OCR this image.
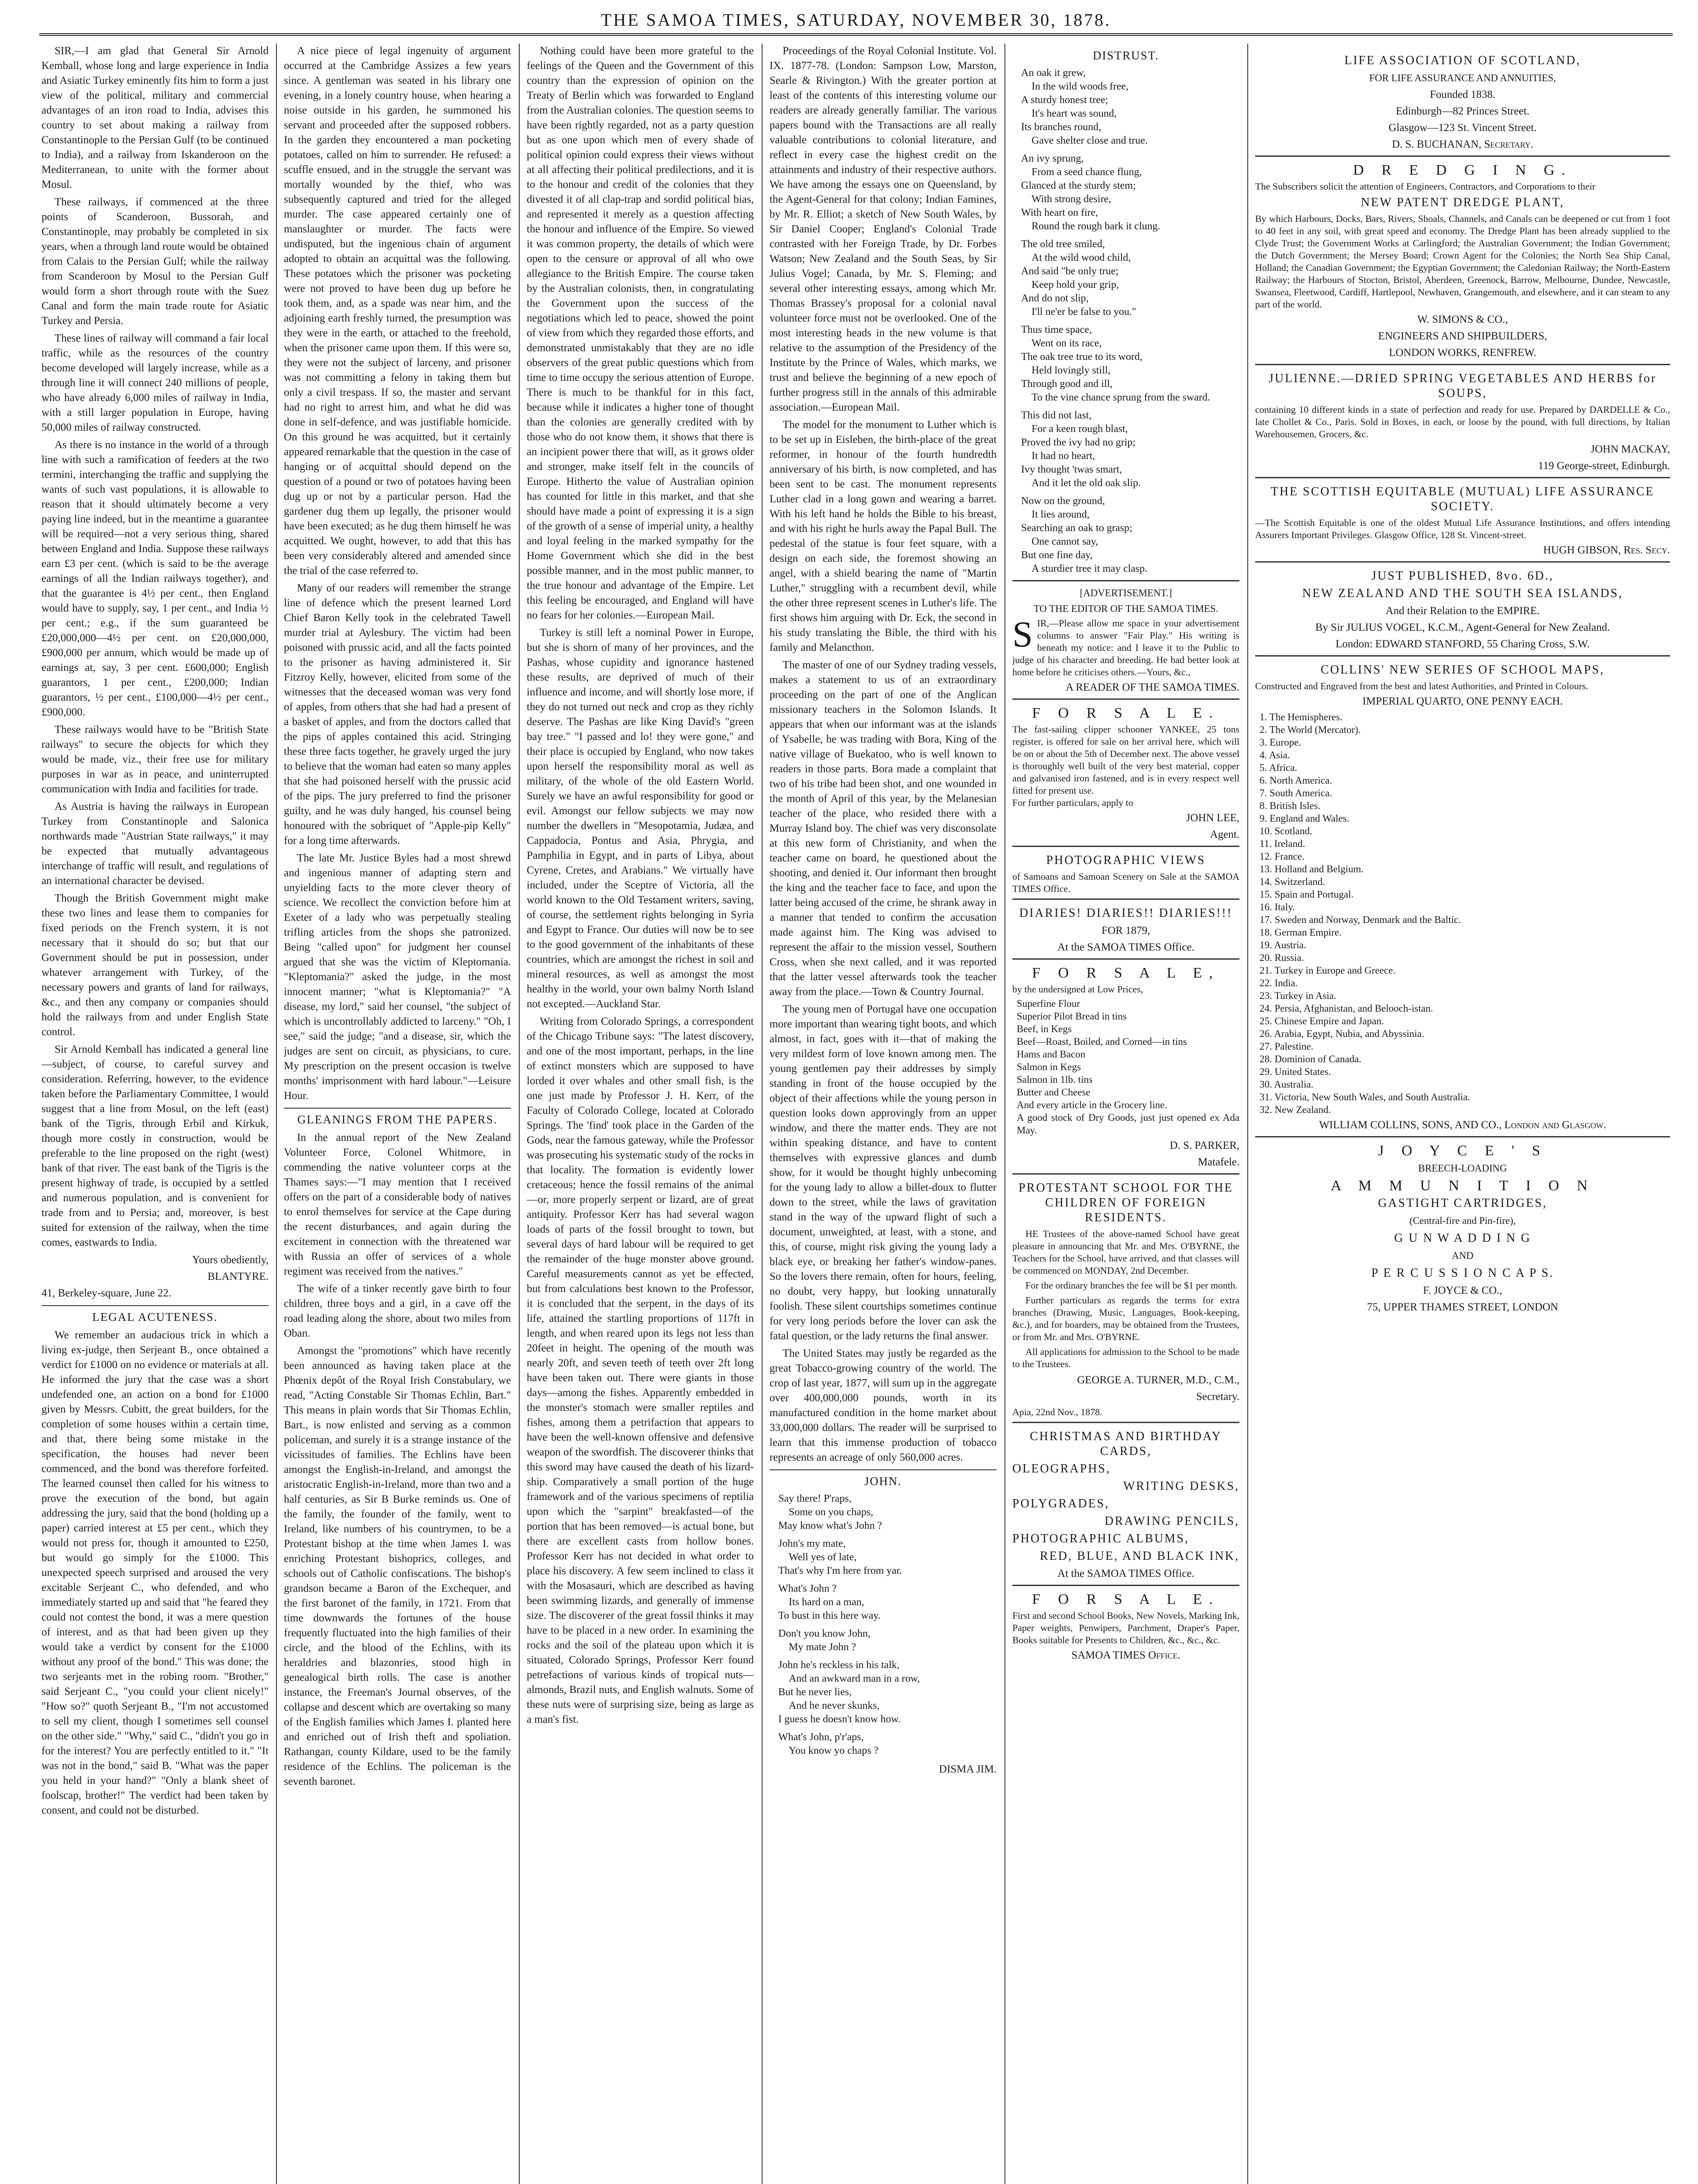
THE SAMOA TIMES, SATURDAY, NOVEMBER 30, 1878.

SIR,—I am glad that General Sir Arnold Kemball, whose long and large experience in India and Asiatic Turkey eminently fits him to form a just view of the political, military and commercial advantages of an iron road to India, advises this country to set about making a railway from Constantinople to the Persian Gulf (to be continued to India), and a railway from Iskanderoon on the Mediterranean, to unite with the former about Mosul.

These railways, if commenced at the three points of Scanderoon, Bussorah, and Constantinople, may probably be completed in six years, when a through land route would be obtained from Calais to the Persian Gulf; while the railway from Scanderoon by Mosul to the Persian Gulf would form a short through route with the Suez Canal and form the main trade route for Asiatic Turkey and Persia.

These lines of railway will command a fair local traffic, while as the resources of the country become developed will largely increase, while as a through line it will connect 240 millions of people, who have already 6,000 miles of railway in India, with a still larger population in Europe, having 50,000 miles of railway constructed.

As there is no instance in the world of a through line with such a ramification of feeders at the two termini, interchanging the traffic and supplying the wants of such vast populations, it is allowable to reason that it should ultimately become a very paying line indeed, but in the meantime a guarantee will be required—not a very serious thing, shared between England and India. Suppose these railways earn £3 per cent. (which is said to be the average earnings of all the Indian railways together), and that the guarantee is 4½ per cent., then England would have to supply, say, 1 per cent., and India ½ per cent.; e.g., if the sum guaranteed be £20,000,000—4½ per cent. on £20,000,000, £900,000 per annum, which would be made up of earnings at, say, 3 per cent. £600,000; English guarantors, 1 per cent., £200,000; Indian guarantors, ½ per cent., £100,000—4½ per cent., £900,000.

These railways would have to be "British State railways" to secure the objects for which they would be made, viz., their free use for military purposes in war as in peace, and uninterrupted communication with India and facilities for trade.

As Austria is having the railways in European Turkey from Constantinople and Salonica northwards made "Austrian State railways," it may be expected that mutually advantageous interchange of traffic will result, and regulations of an international character be devised.

Though the British Government might make these two lines and lease them to companies for fixed periods on the French system, it is not necessary that it should do so; but that our Government should be put in possession, under whatever arrangement with Turkey, of the necessary powers and grants of land for railways, &c., and then any company or companies should hold the railways from and under English State control.

Sir Arnold Kemball has indicated a general line—subject, of course, to careful survey and consideration. Referring, however, to the evidence taken before the Parliamentary Committee, I would suggest that a line from Mosul, on the left (east) bank of the Tigris, through Erbil and Kirkuk, though more costly in construction, would be preferable to the line proposed on the right (west) bank of that river. The east bank of the Tigris is the present highway of trade, is occupied by a settled and numerous population, and is convenient for trade from and to Persia; and, moreover, is best suited for extension of the railway, when the time comes, eastwards to India.

Yours obediently,
BLANTYRE.
41, Berkeley-square, June 22.
LEGAL ACUTENESS.

We remember an audacious trick in which a living ex-judge, then Serjeant B., once obtained a verdict for £1000 on no evidence or materials at all. He informed the jury that the case was a short undefended one, an action on a bond for £1000 given by Messrs. Cubitt, the great builders, for the completion of some houses within a certain time, and that, there being some mistake in the specification, the houses had never been commenced, and the bond was therefore forfeited. The learned counsel then called for his witness to prove the execution of the bond, but again addressing the jury, said that the bond (holding up a paper) carried interest at £5 per cent., which they would not press for, though it amounted to £250, but would go simply for the £1000. This unexpected speech surprised and aroused the very excitable Serjeant C., who defended, and who immediately started up and said that "he feared they could not contest the bond, it was a mere question of interest, and as that had been given up they would take a verdict by consent for the £1000 without any proof of the bond." This was done; the two serjeants met in the robing room. "Brother," said Serjeant C., "you could your client nicely!" "How so?" quoth Serjeant B., "I'm not accustomed to sell my client, though I sometimes sell counsel on the other side." "Why," said C., "didn't you go in for the interest? You are perfectly entitled to it." "It was not in the bond," said B. "What was the paper you held in your hand?" "Only a blank sheet of foolscap, brother!" The verdict had been taken by consent, and could not be disturbed.

A nice piece of legal ingenuity of argument occurred at the Cambridge Assizes a few years since. A gentleman was seated in his library one evening, in a lonely country house, when hearing a noise outside in his garden, he summoned his servant and proceeded after the supposed robbers. In the garden they encountered a man pocketing potatoes, called on him to surrender. He refused: a scuffle ensued, and in the struggle the servant was mortally wounded by the thief, who was subsequently captured and tried for the alleged murder. The case appeared certainly one of manslaughter or murder. The facts were undisputed, but the ingenious chain of argument adopted to obtain an acquittal was the following. These potatoes which the prisoner was pocketing were not proved to have been dug up before he took them, and, as a spade was near him, and the adjoining earth freshly turned, the presumption was they were in the earth, or attached to the freehold, when the prisoner came upon them. If this were so, they were not the subject of larceny, and prisoner was not committing a felony in taking them but only a civil trespass. If so, the master and servant had no right to arrest him, and what he did was done in self-defence, and was justifiable homicide. On this ground he was acquitted, but it certainly appeared remarkable that the question in the case of hanging or of acquittal should depend on the question of a pound or two of potatoes having been dug up or not by a particular person. Had the gardener dug them up legally, the prisoner would have been executed; as he dug them himself he was acquitted. We ought, however, to add that this has been very considerably altered and amended since the trial of the case referred to.

Many of our readers will remember the strange line of defence which the present learned Lord Chief Baron Kelly took in the celebrated Tawell murder trial at Aylesbury. The victim had been poisoned with prussic acid, and all the facts pointed to the prisoner as having administered it. Sir Fitzroy Kelly, however, elicited from some of the witnesses that the deceased woman was very fond of apples, from others that she had had a present of a basket of apples, and from the doctors called that the pips of apples contained this acid. Stringing these three facts together, he gravely urged the jury to believe that the woman had eaten so many apples that she had poisoned herself with the prussic acid of the pips. The jury preferred to find the prisoner guilty, and he was duly hanged, his counsel being honoured with the sobriquet of "Apple-pip Kelly" for a long time afterwards.

The late Mr. Justice Byles had a most shrewd and ingenious manner of adapting stern and unyielding facts to the more clever theory of science. We recollect the conviction before him at Exeter of a lady who was perpetually stealing trifling articles from the shops she patronized. Being "called upon" for judgment her counsel argued that she was the victim of Kleptomania. "Kleptomania?" asked the judge, in the most innocent manner; "what is Kleptomania?" "A disease, my lord," said her counsel, "the subject of which is uncontrollably addicted to larceny." "Oh, I see," said the judge; "and a disease, sir, which the judges are sent on circuit, as physicians, to cure. My prescription on the present occasion is twelve months' imprisonment with hard labour."—Leisure Hour.

GLEANINGS FROM THE PAPERS.

In the annual report of the New Zealand Volunteer Force, Colonel Whitmore, in commending the native volunteer corps at the Thames says:—"I may mention that I received offers on the part of a considerable body of natives to enrol themselves for service at the Cape during the recent disturbances, and again during the excitement in connection with the threatened war with Russia an offer of services of a whole regiment was received from the natives."

The wife of a tinker recently gave birth to four children, three boys and a girl, in a cave off the road leading along the shore, about two miles from Oban.

Amongst the "promotions" which have recently been announced as having taken place at the Phœnix depôt of the Royal Irish Constabulary, we read, "Acting Constable Sir Thomas Echlin, Bart." This means in plain words that Sir Thomas Echlin, Bart., is now enlisted and serving as a common policeman, and surely it is a strange instance of the vicissitudes of families. The Echlins have been amongst the English-in-Ireland, and amongst the aristocratic English-in-Ireland, more than two and a half centuries, as Sir B Burke reminds us. One of the family, the founder of the family, went to Ireland, like numbers of his countrymen, to be a Protestant bishop at the time when James I. was enriching Protestant bishoprics, colleges, and schools out of Catholic confiscations. The bishop's grandson became a Baron of the Exchequer, and the first baronet of the family, in 1721. From that time downwards the fortunes of the house frequently fluctuated into the high families of their circle, and the blood of the Echlins, with its heraldries and blazonries, stood high in genealogical birth rolls. The case is another instance, the Freeman's Journal observes, of the collapse and descent which are overtaking so many of the English families which James I. planted here and enriched out of Irish theft and spoliation. Rathangan, county Kildare, used to be the family residence of the Echlins. The policeman is the seventh baronet.

Nothing could have been more grateful to the feelings of the Queen and the Government of this country than the expression of opinion on the Treaty of Berlin which was forwarded to England from the Australian colonies. The question seems to have been rightly regarded, not as a party question but as one upon which men of every shade of political opinion could express their views without at all affecting their political predilections, and it is to the honour and credit of the colonies that they divested it of all clap-trap and sordid political bias, and represented it merely as a question affecting the honour and influence of the Empire. So viewed it was common property, the details of which were open to the censure or approval of all who owe allegiance to the British Empire. The course taken by the Australian colonists, then, in congratulating the Government upon the success of the negotiations which led to peace, showed the point of view from which they regarded those efforts, and demonstrated unmistakably that they are no idle observers of the great public questions which from time to time occupy the serious attention of Europe. There is much to be thankful for in this fact, because while it indicates a higher tone of thought than the colonies are generally credited with by those who do not know them, it shows that there is an incipient power there that will, as it grows older and stronger, make itself felt in the councils of Europe. Hitherto the value of Australian opinion has counted for little in this market, and that she should have made a point of expressing it is a sign of the growth of a sense of imperial unity, a healthy and loyal feeling in the marked sympathy for the Home Government which she did in the best possible manner, and in the most public manner, to the true honour and advantage of the Empire. Let this feeling be encouraged, and England will have no fears for her colonies.—European Mail.

Turkey is still left a nominal Power in Europe, but she is shorn of many of her provinces, and the Pashas, whose cupidity and ignorance hastened these results, are deprived of much of their influence and income, and will shortly lose more, if they do not turned out neck and crop as they richly deserve. The Pashas are like King David's "green bay tree." "I passed and lo! they were gone," and their place is occupied by England, who now takes upon herself the responsibility moral as well as military, of the whole of the old Eastern World. Surely we have an awful responsibility for good or evil. Amongst our fellow subjects we may now number the dwellers in "Mesopotamia, Judæa, and Cappadocia, Pontus and Asia, Phrygia, and Pamphilia in Egypt, and in parts of Libya, about Cyrene, Cretes, and Arabians." We virtually have included, under the Sceptre of Victoria, all the world known to the Old Testament writers, saving, of course, the settlement rights belonging in Syria and Egypt to France. Our duties will now be to see to the good government of the inhabitants of these countries, which are amongst the richest in soil and mineral resources, as well as amongst the most healthy in the world, your own balmy North Island not excepted.—Auckland Star.

Writing from Colorado Springs, a correspondent of the Chicago Tribune says: "The latest discovery, and one of the most important, perhaps, in the line of extinct monsters which are supposed to have lorded it over whales and other small fish, is the one just made by Professor J. H. Kerr, of the Faculty of Colorado College, located at Colorado Springs. The 'find' took place in the Garden of the Gods, near the famous gateway, while the Professor was prosecuting his systematic study of the rocks in that locality. The formation is evidently lower cretaceous; hence the fossil remains of the animal—or, more properly serpent or lizard, are of great antiquity. Professor Kerr has had several wagon loads of parts of the fossil brought to town, but several days of hard labour will be required to get the remainder of the huge monster above ground. Careful measurements cannot as yet be effected, but from calculations best known to the Professor, it is concluded that the serpent, in the days of its life, attained the startling proportions of 117ft in length, and when reared upon its legs not less than 20feet in height. The opening of the mouth was nearly 20ft, and seven teeth of teeth over 2ft long have been taken out. There were giants in those days—among the fishes. Apparently embedded in the monster's stomach were smaller reptiles and fishes, among them a petrifaction that appears to have been the well-known offensive and defensive weapon of the swordfish. The discoverer thinks that this sword may have caused the death of his lizard-ship. Comparatively a small portion of the huge framework and of the various specimens of reptilia upon which the "sarpint" breakfasted—of the portion that has been removed—is actual bone, but there are excellent casts from hollow bones. Professor Kerr has not decided in what order to place his discovery. A few seem inclined to class it with the Mosasauri, which are described as having been swimming lizards, and generally of immense size. The discoverer of the great fossil thinks it may have to be placed in a new order. In examining the rocks and the soil of the plateau upon which it is situated, Colorado Springs, Professor Kerr found petrefactions of various kinds of tropical nuts—almonds, Brazil nuts, and English walnuts. Some of these nuts were of surprising size, being as large as a man's fist.

Proceedings of the Royal Colonial Institute. Vol. IX. 1877-78. (London: Sampson Low, Marston, Searle & Rivington.) With the greater portion at least of the contents of this interesting volume our readers are already generally familiar. The various papers bound with the Transactions are all really valuable contributions to colonial literature, and reflect in every case the highest credit on the attainments and industry of their respective authors. We have among the essays one on Queensland, by the Agent-General for that colony; Indian Famines, by Mr. R. Elliot; a sketch of New South Wales, by Sir Daniel Cooper; England's Colonial Trade contrasted with her Foreign Trade, by Dr. Forbes Watson; New Zealand and the South Seas, by Sir Julius Vogel; Canada, by Mr. S. Fleming; and several other interesting essays, among which Mr. Thomas Brassey's proposal for a colonial naval volunteer force must not be overlooked. One of the most interesting heads in the new volume is that relative to the assumption of the Presidency of the Institute by the Prince of Wales, which marks, we trust and believe the beginning of a new epoch of further progress still in the annals of this admirable association.—European Mail.

The model for the monument to Luther which is to be set up in Eisleben, the birth-place of the great reformer, in honour of the fourth hundredth anniversary of his birth, is now completed, and has been sent to be cast. The monument represents Luther clad in a long gown and wearing a barret. With his left hand he holds the Bible to his breast, and with his right he hurls away the Papal Bull. The pedestal of the statue is four feet square, with a design on each side, the foremost showing an angel, with a shield bearing the name of "Martin Luther," struggling with a recumbent devil, while the other three represent scenes in Luther's life. The first shows him arguing with Dr. Eck, the second in his study translating the Bible, the third with his family and Melancthon.

The master of one of our Sydney trading vessels, makes a statement to us of an extraordinary proceeding on the part of one of the Anglican missionary teachers in the Solomon Islands. It appears that when our informant was at the islands of Ysabelle, he was trading with Bora, King of the native village of Buekatoo, who is well known to readers in those parts. Bora made a complaint that two of his tribe had been shot, and one wounded in the month of April of this year, by the Melanesian teacher of the place, who resided there with a Murray Island boy. The chief was very disconsolate at this new form of Christianity, and when the teacher came on board, he questioned about the shooting, and denied it. Our informant then brought the king and the teacher face to face, and upon the latter being accused of the crime, he shrank away in a manner that tended to confirm the accusation made against him. The King was advised to represent the affair to the mission vessel, Southern Cross, when she next called, and it was reported that the latter vessel afterwards took the teacher away from the place.—Town & Country Journal.

The young men of Portugal have one occupation more important than wearing tight boots, and which almost, in fact, goes with it—that of making the very mildest form of love known among men. The young gentlemen pay their addresses by simply standing in front of the house occupied by the object of their affections while the young person in question looks down approvingly from an upper window, and there the matter ends. They are not within speaking distance, and have to content themselves with expressive glances and dumb show, for it would be thought highly unbecoming for the young lady to allow a billet-doux to flutter down to the street, while the laws of gravitation stand in the way of the upward flight of such a document, unweighted, at least, with a stone, and this, of course, might risk giving the young lady a black eye, or breaking her father's window-panes. So the lovers there remain, often for hours, feeling, no doubt, very happy, but looking unnaturally foolish. These silent courtships sometimes continue for very long periods before the lover can ask the fatal question, or the lady returns the final answer.

The United States may justly be regarded as the great Tobacco-growing country of the world. The crop of last year, 1877, will sum up in the aggregate over 400,000,000 pounds, worth in its manufactured condition in the home market about 33,000,000 dollars. The reader will be surprised to learn that this immense production of tobacco represents an acreage of only 560,000 acres.

JOHN.
Say there! P'raps,
Some on you chaps,
May know what's John ?
John's my mate,
Well yes of late,
That's why I'm here from yar.
What's John ?
Its hard on a man,
To bust in this here way.
Don't you know John,
My mate John ?
John he's reckless in his talk,
And an awkward man in a row,
But he never lies,
And he never skunks,
I guess he doesn't know how.
What's John, p'r'aps,
You know yo chaps ?
DISMA JIM.
DISTRUST.
An oak it grew,
In the wild woods free,
A sturdy honest tree;
It's heart was sound,
Its branches round,
Gave shelter close and true.
An ivy sprung,
From a seed chance flung,
Glanced at the sturdy stem;
With strong desire,
With heart on fire,
Round the rough bark it clung.
The old tree smiled,
At the wild wood child,
And said "be only true;
Keep hold your grip,
And do not slip,
I'll ne'er be false to you."
Thus time space,
Went on its race,
The oak tree true to its word,
Held lovingly still,
Through good and ill,
To the vine chance sprung from the sward.
This did not last,
For a keen rough blast,
Proved the ivy had no grip;
It had no heart,
Ivy thought 'twas smart,
And it let the old oak slip.
Now on the ground,
It lies around,
Searching an oak to grasp;
One cannot say,
But one fine day,
A sturdier tree it may clasp.
[ADVERTISEMENT.]
TO THE EDITOR OF THE SAMOA TIMES.
SIR,—Please allow me space in your advertisement columns to answer "Fair Play." His writing is beneath my notice: and I leave it to the Public to judge of his character and breeding. He had better look at home before he criticises others.—Yours, &c.,
A READER OF THE SAMOA TIMES.
F O R S A L E.
The fast-sailing clipper schooner YANKEE, 25 tons register, is offered for sale on her arrival here, which will be on or about the 5th of December next. The above vessel is thoroughly well built of the very best material, copper and galvanised iron fastened, and is in every respect well fitted for present use.
For further particulars, apply to
JOHN LEE,
Agent.
PHOTOGRAPHIC VIEWS
of Samoans and Samoan Scenery on Sale at the SAMOA TIMES Office.
DIARIES! DIARIES!! DIARIES!!!
FOR 1879,
At the SAMOA TIMES Office.
F O R S A L E,
by the undersigned at Low Prices,
Superfine Flour
Superior Pilot Bread in tins
Beef, in Kegs
Beef—Roast, Boiled, and Corned—in tins
Hams and Bacon
Salmon in Kegs
Salmon in 1lb. tins
Butter and Cheese
And every article in the Grocery line.
A good stock of Dry Goods, just just opened ex Ada May.
D. S. PARKER,
Matafele.
PROTESTANT SCHOOL FOR THE CHILDREN OF FOREIGN RESIDENTS.

HE Trustees of the above-named School have great pleasure in announcing that Mr. and Mrs. O'BYRNE, the Teachers for the School, have arrived, and that classes will be commenced on MONDAY, 2nd December.

For the ordinary branches the fee will be $1 per month.

Further particulars as regards the terms for extra branches (Drawing, Music, Languages, Book-keeping, &c.), and for boarders, may be obtained from the Trustees, or from Mr. and Mrs. O'BYRNE.

All applications for admission to the School to be made to the Trustees.

GEORGE A. TURNER, M.D., C.M.,
Secretary.
Apia, 22nd Nov., 1878.
CHRISTMAS AND BIRTHDAY CARDS,
OLEOGRAPHS,
WRITING DESKS,
POLYGRADES,
DRAWING PENCILS,
PHOTOGRAPHIC ALBUMS,
RED, BLUE, AND BLACK INK,
At the SAMOA TIMES Office.
F O R S A L E.
First and second School Books, New Novels, Marking Ink, Paper weights, Penwipers, Parchment, Draper's Paper, Books suitable for Presents to Children, &c., &c., &c.
SAMOA TIMES Office.
LIFE ASSOCIATION OF SCOTLAND,
FOR LIFE ASSURANCE AND ANNUITIES,
Founded 1838.
Edinburgh—82 Princes Street.
Glasgow—123 St. Vincent Street.
D. S. BUCHANAN, Secretary.
D R E D G I N G.
The Subscribers solicit the attention of Engineers, Contractors, and Corporations to their
NEW PATENT DREDGE PLANT,
By which Harbours, Docks, Bars, Rivers, Shoals, Channels, and Canals can be deepened or cut from 1 foot to 40 feet in any soil, with great speed and economy. The Dredge Plant has been already supplied to the Clyde Trust; the Government Works at Carlingford; the Australian Government; the Indian Government; the Dutch Government; the Mersey Board; Crown Agent for the Colonies; the North Sea Ship Canal, Holland; the Canadian Government; the Egyptian Government; the Caledonian Railway; the North-Eastern Railway; the Harbours of Stocton, Bristol, Aberdeen, Greenock, Barrow, Melbourne, Dundee, Newcastle, Swansea, Fleetwood, Cardiff, Hartlepool, Newhaven, Grangemouth, and elsewhere, and it can steam to any part of the world.
W. SIMONS & CO.,
ENGINEERS AND SHIPBUILDERS,
LONDON WORKS, RENFREW.
JULIENNE.—DRIED SPRING VEGETABLES AND HERBS for SOUPS,
containing 10 different kinds in a state of perfection and ready for use. Prepared by DARDELLE & Co., late Chollet & Co., Paris. Sold in Boxes, in each, or loose by the pound, with full directions, by Italian Warehousemen, Grocers, &c.
JOHN MACKAY,
119 George-street, Edinburgh.
THE SCOTTISH EQUITABLE (MUTUAL) LIFE ASSURANCE SOCIETY.
—The Scottish Equitable is one of the oldest Mutual Life Assurance Institutions, and offers intending Assurers Important Privileges. Glasgow Office, 128 St. Vincent-street.
HUGH GIBSON, Res. Secy.
JUST PUBLISHED, 8vo. 6D.,
NEW ZEALAND AND THE SOUTH SEA ISLANDS,
And their Relation to the EMPIRE.
By Sir JULIUS VOGEL, K.C.M., Agent-General for New Zealand.
London: EDWARD STANFORD, 55 Charing Cross, S.W.
COLLINS' NEW SERIES OF SCHOOL MAPS,
Constructed and Engraved from the best and latest Authorities, and Printed in Colours.
IMPERIAL QUARTO, ONE PENNY EACH.
1. The Hemispheres.
2. The World (Mercator).
3. Europe.
4. Asia.
5. Africa.
6. North America.
7. South America.
8. British Isles.
9. England and Wales.
10. Scotland.
11. Ireland.
12. France.
13. Holland and Belgium.
14. Switzerland.
15. Spain and Portugal.
16. Italy.
17. Sweden and Norway, Denmark and the Baltic.
18. German Empire.
19. Austria.
20. Russia.
21. Turkey in Europe and Greece.
22. India.
23. Turkey in Asia.
24. Persia, Afghanistan, and Belooch-istan.
25. Chinese Empire and Japan.
26. Arabia, Egypt, Nubia, and Abyssinia.
27. Palestine.
28. Dominion of Canada.
29. United States.
30. Australia.
31. Victoria, New South Wales, and South Australia.
32. New Zealand.
WILLIAM COLLINS, SONS, AND CO., London and Glasgow.
J O Y C E ' S
BREECH-LOADING
A M M U N I T I O N
GASTIGHT CARTRIDGES,
(Central-fire and Pin-fire),
G U N W A D D I N G
AND
P E R C U S S I O N C A P S.
F. JOYCE & CO.,
75, UPPER THAMES STREET, LONDON
